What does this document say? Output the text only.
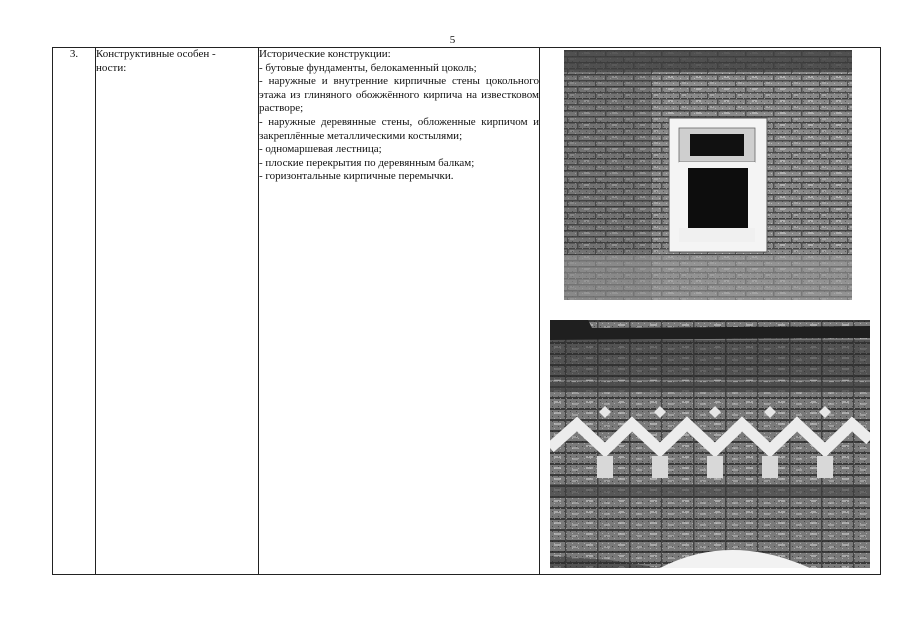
5
3.	Конструктивные особен -
ности:

Исторические конструкции:
- бутовые фундаменты, белокаменный цоколь;
- наружные и внутренние кирпичные стены цокольного этажа из глиняного обожжённого кирпича на известковом растворе;
- наружные деревянные стены, обложенные кирпичом и закреплённые металлическими костылями;
- одномаршевая лестница;
- плоские перекрытия по деревянным балкам;
- горизонтальные кирпичные перемычки.
